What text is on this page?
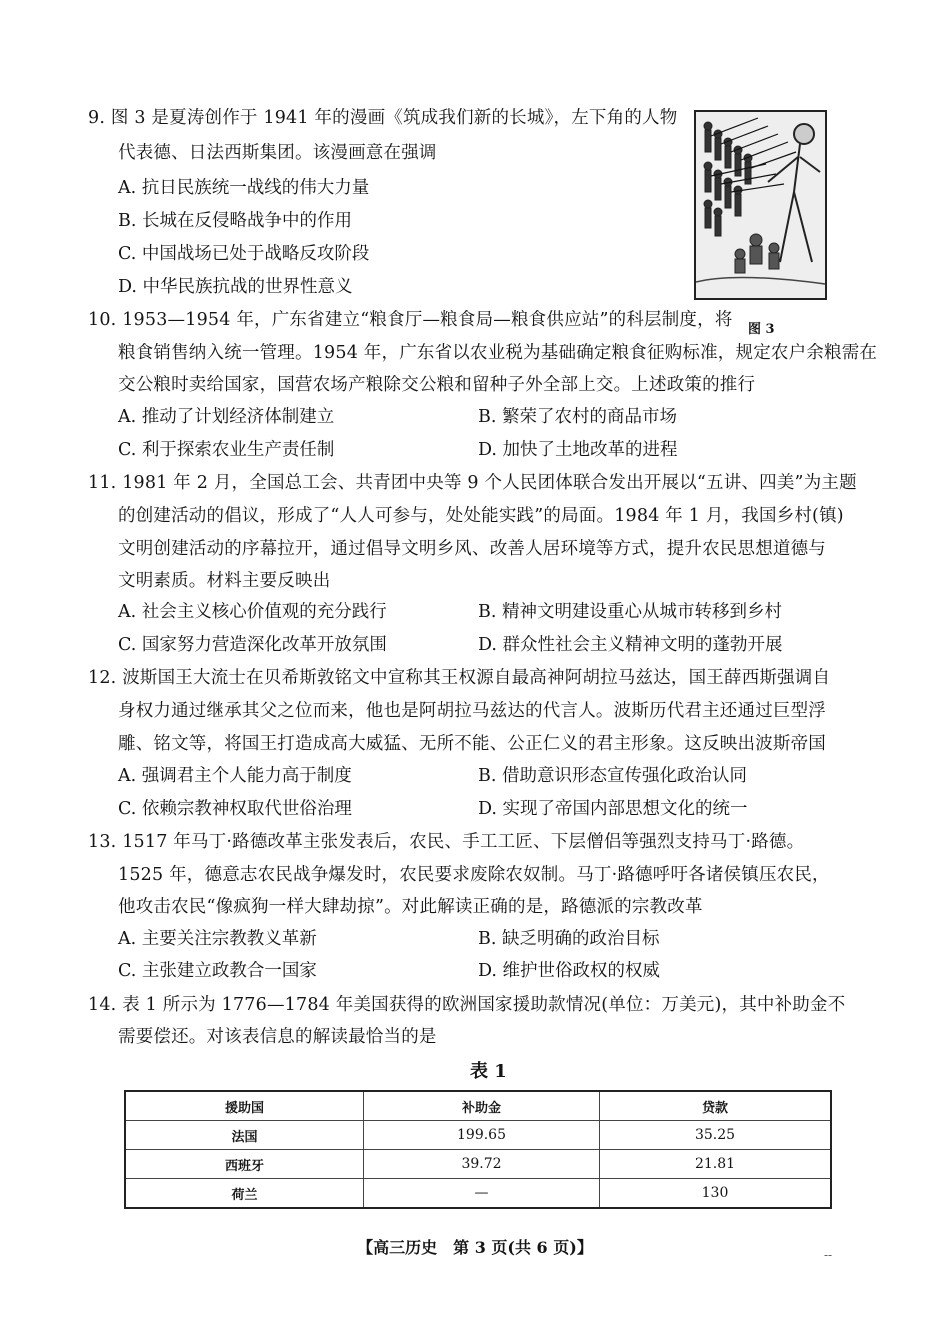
9. 图 3 是夏涛创作于 1941 年的漫画《筑成我们新的长城》，左下角的人物
代表德、日法西斯集团。该漫画意在强调
A. 抗日民族统一战线的伟大力量
B. 长城在反侵略战争中的作用
C. 中国战场已处于战略反攻阶段
D. 中华民族抗战的世界性意义
图 3
10. 1953—1954 年，广东省建立“粮食厅—粮食局—粮食供应站”的科层制度，将
粮食销售纳入统一管理。1954 年，广东省以农业税为基础确定粮食征购标准，规定农户余粮需在
交公粮时卖给国家，国营农场产粮除交公粮和留种子外全部上交。上述政策的推行
A. 推动了计划经济体制建立	B. 繁荣了农村的商品市场
C. 利于探索农业生产责任制	D. 加快了土地改革的进程
11. 1981 年 2 月，全国总工会、共青团中央等 9 个人民团体联合发出开展以“五讲、四美”为主题
的创建活动的倡议，形成了“人人可参与，处处能实践”的局面。1984 年 1 月，我国乡村(镇)
文明创建活动的序幕拉开，通过倡导文明乡风、改善人居环境等方式，提升农民思想道德与
文明素质。材料主要反映出
A. 社会主义核心价值观的充分践行	B. 精神文明建设重心从城市转移到乡村
C. 国家努力营造深化改革开放氛围	D. 群众性社会主义精神文明的蓬勃开展
12. 波斯国王大流士在贝希斯敦铭文中宣称其王权源自最高神阿胡拉马兹达，国王薛西斯强调自
身权力通过继承其父之位而来，他也是阿胡拉马兹达的代言人。波斯历代君主还通过巨型浮
雕、铭文等，将国王打造成高大威猛、无所不能、公正仁义的君主形象。这反映出波斯帝国
A. 强调君主个人能力高于制度	B. 借助意识形态宣传强化政治认同
C. 依赖宗教神权取代世俗治理	D. 实现了帝国内部思想文化的统一
13. 1517 年马丁·路德改革主张发表后，农民、手工工匠、下层僧侣等强烈支持马丁·路德。
1525 年，德意志农民战争爆发时，农民要求废除农奴制。马丁·路德呼吁各诸侯镇压农民，
他攻击农民“像疯狗一样大肆劫掠”。对此解读正确的是，路德派的宗教改革
A. 主要关注宗教教义革新	B. 缺乏明确的政治目标
C. 主张建立政教合一国家	D. 维护世俗政权的权威
14. 表 1 所示为 1776—1784 年美国获得的欧洲国家援助款情况(单位：万美元)，其中补助金不
需要偿还。对该表信息的解读最恰当的是
表 1
援助国	补助金	贷款
法国	199.65	35.25
西班牙	39.72	21.81
荷兰	—	130
【高三历史　第 3 页(共 6 页)】	--
